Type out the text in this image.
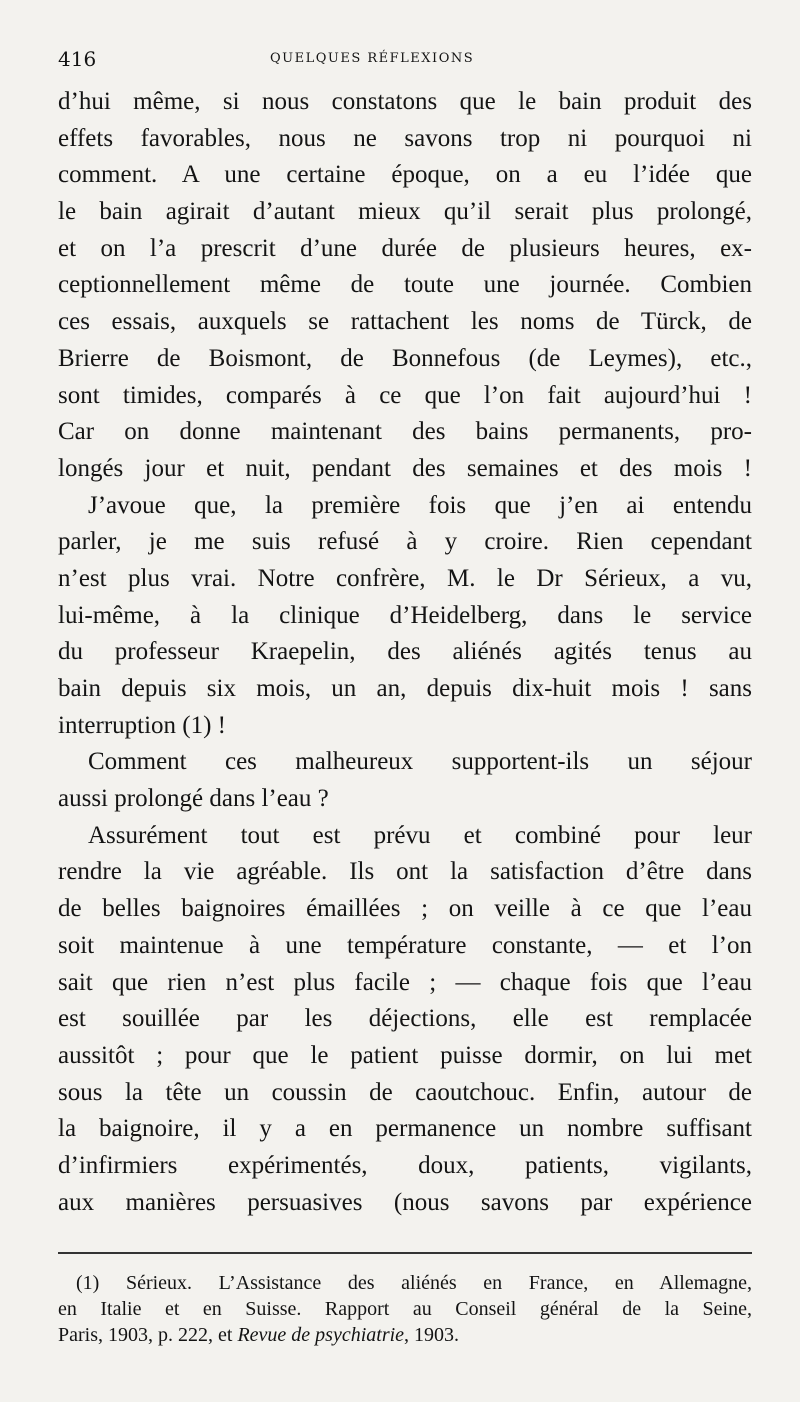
416	QUELQUES RÉFLEXIONS
d’hui même, si nous constatons que le bain produit des
effets favorables, nous ne savons trop ni pourquoi ni
comment. A une certaine époque, on a eu l’idée que
le bain agirait d’autant mieux qu’il serait plus prolongé,
et on l’a prescrit d’une durée de plusieurs heures, ex-
ceptionnellement même de toute une journée. Combien
ces essais, auxquels se rattachent les noms de Türck, de
Brierre de Boismont, de Bonnefous (de Leymes), etc.,
sont timides, comparés à ce que l’on fait aujourd’hui !
Car on donne maintenant des bains permanents, pro-
longés jour et nuit, pendant des semaines et des mois !
J’avoue que, la première fois que j’en ai entendu
parler, je me suis refusé à y croire. Rien cependant
n’est plus vrai. Notre confrère, M. le Dr Sérieux, a vu,
lui-même, à la clinique d’Heidelberg, dans le service
du professeur Kraepelin, des aliénés agités tenus au
bain depuis six mois, un an, depuis dix-huit mois ! sans
interruption (1) !
Comment ces malheureux supportent-ils un séjour
aussi prolongé dans l’eau ?
Assurément tout est prévu et combiné pour leur
rendre la vie agréable. Ils ont la satisfaction d’être dans
de belles baignoires émaillées ; on veille à ce que l’eau
soit maintenue à une température constante, — et l’on
sait que rien n’est plus facile ; — chaque fois que l’eau
est souillée par les déjections, elle est remplacée
aussitôt ; pour que le patient puisse dormir, on lui met
sous la tête un coussin de caoutchouc. Enfin, autour de
la baignoire, il y a en permanence un nombre suffisant
d’infirmiers expérimentés, doux, patients, vigilants,
aux manières persuasives (nous savons par expérience
(1) Sérieux. L’Assistance des aliénés en France, en Allemagne,
en Italie et en Suisse. Rapport au Conseil général de la Seine,
Paris, 1903, p. 222, et Revue de psychiatrie, 1903.
